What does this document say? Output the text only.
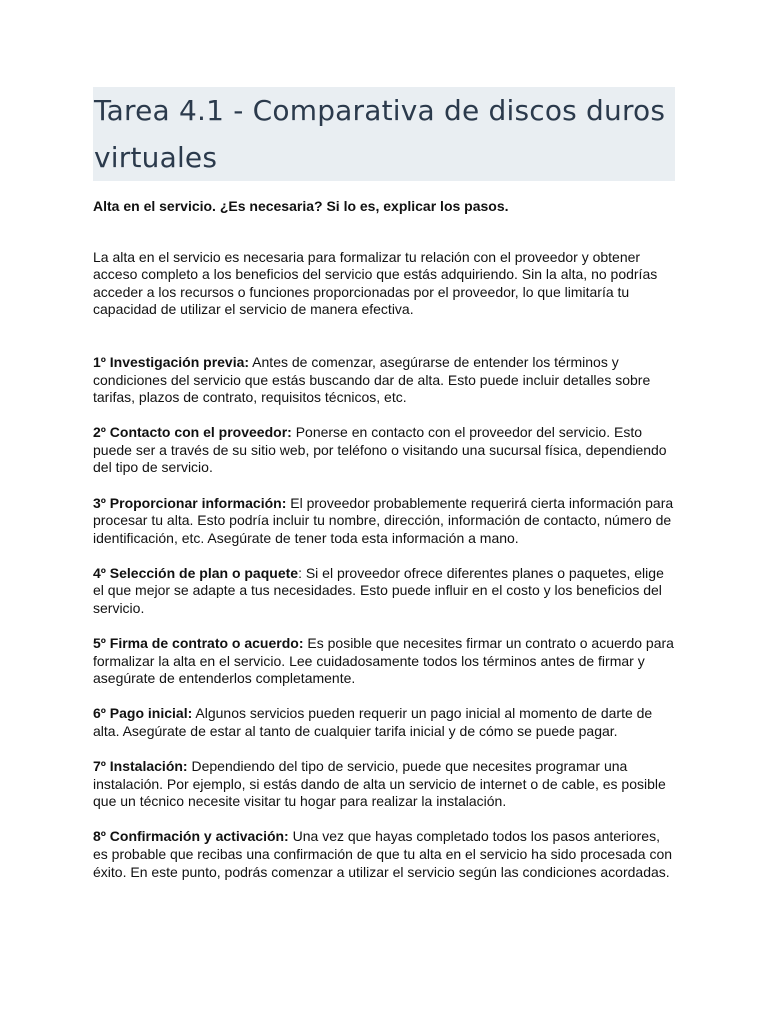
Tarea 4.1 - Comparativa de discos duros virtuales

Alta en el servicio. ¿Es necesaria? Si lo es, explicar los pasos.

La alta en el servicio es necesaria para formalizar tu relación con el proveedor y obtener acceso completo a los beneficios del servicio que estás adquiriendo. Sin la alta, no podrías acceder a los recursos o funciones proporcionadas por el proveedor, lo que limitaría tu capacidad de utilizar el servicio de manera efectiva.

1º Investigación previa: Antes de comenzar, asegúrarse de entender los términos y condiciones del servicio que estás buscando dar de alta. Esto puede incluir detalles sobre tarifas, plazos de contrato, requisitos técnicos, etc.

2º Contacto con el proveedor: Ponerse en contacto con el proveedor del servicio. Esto puede ser a través de su sitio web, por teléfono o visitando una sucursal física, dependiendo del tipo de servicio.

3º Proporcionar información: El proveedor probablemente requerirá cierta información para procesar tu alta. Esto podría incluir tu nombre, dirección, información de contacto, número de identificación, etc. Asegúrate de tener toda esta información a mano.

4º Selección de plan o paquete: Si el proveedor ofrece diferentes planes o paquetes, elige el que mejor se adapte a tus necesidades. Esto puede influir en el costo y los beneficios del servicio.

5º Firma de contrato o acuerdo: Es posible que necesites firmar un contrato o acuerdo para formalizar la alta en el servicio. Lee cuidadosamente todos los términos antes de firmar y asegúrate de entenderlos completamente.

6º Pago inicial: Algunos servicios pueden requerir un pago inicial al momento de darte de alta. Asegúrate de estar al tanto de cualquier tarifa inicial y de cómo se puede pagar.

7º Instalación: Dependiendo del tipo de servicio, puede que necesites programar una instalación. Por ejemplo, si estás dando de alta un servicio de internet o de cable, es posible que un técnico necesite visitar tu hogar para realizar la instalación.

8º Confirmación y activación: Una vez que hayas completado todos los pasos anteriores, es probable que recibas una confirmación de que tu alta en el servicio ha sido procesada con éxito. En este punto, podrás comenzar a utilizar el servicio según las condiciones acordadas.
